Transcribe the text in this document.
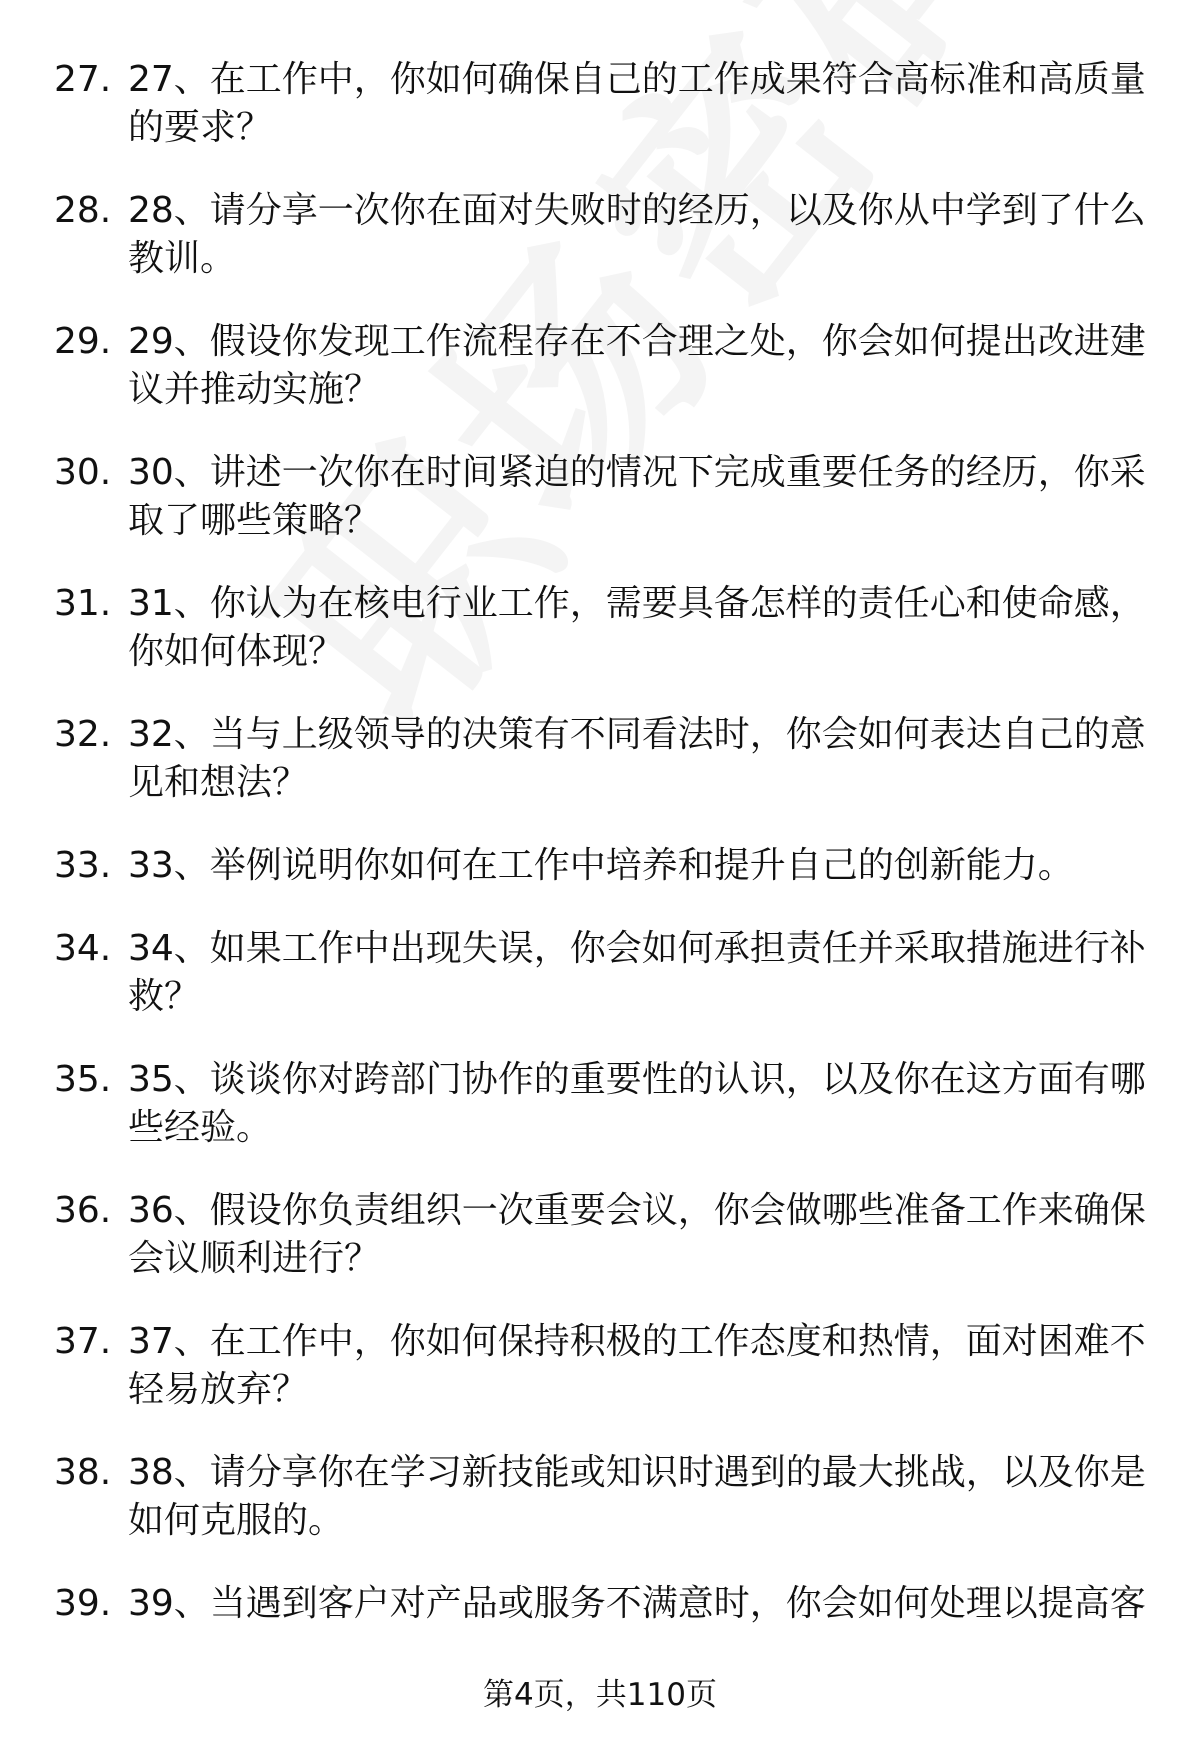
27. 27、在工作中，你如何确保自己的工作成果符合高标准和高质量的要求？
28. 28、请分享一次你在面对失败时的经历，以及你从中学到了什么教训。
29. 29、假设你发现工作流程存在不合理之处，你会如何提出改进建议并推动实施？
30. 30、讲述一次你在时间紧迫的情况下完成重要任务的经历，你采取了哪些策略？
31. 31、你认为在核电行业工作，需要具备怎样的责任心和使命感，你如何体现？
32. 32、当与上级领导的决策有不同看法时，你会如何表达自己的意见和想法？
33. 33、举例说明你如何在工作中培养和提升自己的创新能力。
34. 34、如果工作中出现失误，你会如何承担责任并采取措施进行补救？
35. 35、谈谈你对跨部门协作的重要性的认识，以及你在这方面有哪些经验。
36. 36、假设你负责组织一次重要会议，你会做哪些准备工作来确保会议顺利进行？
37. 37、在工作中，你如何保持积极的工作态度和热情，面对困难不轻易放弃？
38. 38、请分享你在学习新技能或知识时遇到的最大挑战，以及你是如何克服的。
39. 39、当遇到客户对产品或服务不满意时，你会如何处理以提高客
第4页，共110页
